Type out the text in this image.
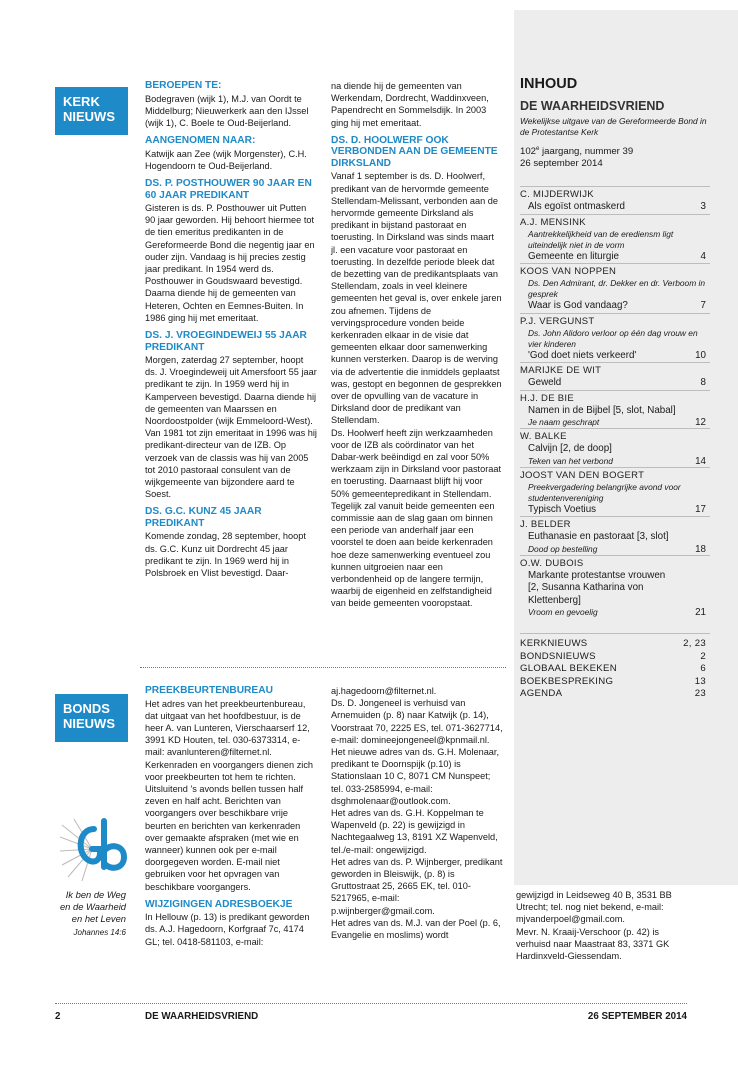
KERK
NIEUWS
BEROEPEN TE:

Bodegraven (wijk 1), M.J. van Oordt te Middelburg; Nieuwerkerk aan den IJssel (wijk 1), C. Boele te Oud-Beijerland.

AANGENOMEN NAAR:

Katwijk aan Zee (wijk Morgenster), C.H. Hogendoorn te Oud-Beijerland.

DS. P. POSTHOUWER 90 JAAR EN 60 JAAR PREDIKANT

Gisteren is ds. P. Posthouwer uit Putten 90 jaar geworden. Hij behoort hiermee tot de tien emeritus predikanten in de Gereformeerde Bond die negentig jaar en ouder zijn. Vandaag is hij precies zestig jaar predikant. In 1954 werd ds. Posthouwer in Goudswaard bevestigd. Daarna diende hij de gemeenten van Heteren, Ochten en Eemnes-Buiten. In 1986 ging hij met emeritaat.

DS. J. VROEGINDEWEIJ 55 JAAR PREDIKANT

Morgen, zaterdag 27 september, hoopt ds. J. Vroegindeweij uit Amersfoort 55 jaar predikant te zijn. In 1959 werd hij in Kamperveen bevestigd. Daarna diende hij de gemeenten van Maarssen en Noordoostpolder (wijk Emmeloord-West). Van 1981 tot zijn emeritaat in 1996 was hij predikant-directeur van de IZB. Op verzoek van de classis was hij van 2005 tot 2010 pastoraal consulent van de wijkgemeente van bijzondere aard te Soest.

DS. G.C. KUNZ 45 JAAR PREDIKANT

Komende zondag, 28 september, hoopt ds. G.C. Kunz uit Dordrecht 45 jaar predikant te zijn. In 1969 werd hij in Polsbroek en Vlist bevestigd. Daar-

na diende hij de gemeenten van Werkendam, Dordrecht, Waddinxveen, Papendrecht en Sommelsdijk. In 2003 ging hij met emeritaat.

DS. D. HOOLWERF OOK VERBONDEN AAN DE GEMEENTE DIRKSLAND

Vanaf 1 september is ds. D. Hoolwerf, predikant van de hervormde gemeente Stellendam-Melissant, verbonden aan de hervormde gemeente Dirksland als predikant in bijstand pastoraat en toerusting. In Dirksland was sinds maart jl. een vacature voor pastoraat en toerusting. In dezelfde periode bleek dat de bezetting van de predikantsplaats van Stellendam, zoals in veel kleinere gemeenten het geval is, over enkele jaren zou afnemen. Tijdens de vervingsprocedure vonden beide kerkenraden elkaar in de visie dat gemeenten elkaar door samenwerking kunnen versterken. Daarop is de werving via de advertentie die inmiddels geplaatst was, gestopt en begonnen de gesprekken over de opvulling van de vacature in Dirksland door de predikant van Stellendam.

Ds. Hoolwerf heeft zijn werkzaamheden voor de IZB als coördinator van het Dabar-werk beëindigd en zal voor 50% werkzaam zijn in Dirksland voor pastoraat en toerusting. Daarnaast blijft hij voor 50% gemeentepredikant in Stellendam. Tegelijk zal vanuit beide gemeenten een commissie aan de slag gaan om binnen een periode van anderhalf jaar een voorstel te doen aan beide kerkenraden hoe deze samenwerking eventueel zou kunnen uitgroeien naar een verbondenheid op de langere termijn, waarbij de eigenheid en zelfstandigheid van beide gemeenten vooropstaat.

INHOUD
DE WAARHEIDSVRIEND
Wekelijkse uitgave van de Gereformeerde Bond in de Protestantse Kerk
102e jaargang, nummer 39
26 september 2014
C. MIJDERWIJK
Als egoïst ontmaskerd	3
A.J. MENSINK
Aantrekkelijkheid van de erediensт ligt uiteindelijk niet in de vorm
Gemeente en liturgie	4
KOOS VAN NOPPEN
Ds. Den Admirant, dr. Dekker en dr. Verboom in gesprek
Waar is God vandaag?	7
P.J. VERGUNST
Ds. John Alidoro verloor op één dag vrouw en vier kinderen
'God doet niets verkeerd'	10
MARIJKE DE WIT
Geweld	8
H.J. DE BIE
Namen in de Bijbel [5, slot, Nabal]
Je naam geschrapt	12
W. BALKE
Calvijn [2, de doop]
Teken van het verbond	14
JOOST VAN DEN BOGERT
Preekvergadering belangrijke avond voor studentenvereniging
Typisch Voetius	17
J. BELDER
Euthanasie en pastoraat [3, slot]
Dood op bestelling	18
O.W. DUBOIS
Markante protestantse vrouwen [2, Susanna Katharina von Klettenberg]
Vroom en gevoelig	21
KERKNIEUWS	2, 23
BONDSNIEUWS	2
GLOBAAL BEKEKEN	6
BOEKBESPREKING	13
AGENDA	23

gewijzigd in Leidseweg 40 B, 3531 BB Utrecht; tel. nog niet bekend, e-mail: mjvanderpoel@gmail.com.

Mevr. N. Kraaij-Verschoor (p. 42) is verhuisd naar Maastraat 83, 3371 GK Hardinxveld-Giessendam.

BONDS
NIEUWS
Ik ben de Weg
en de Waarheid
en het Leven
Johannes 14:6
PREEKBEURTENBUREAU

Het adres van het preekbeurtenbureau, dat uitgaat van het hoofdbestuur, is de heer A. van Lunteren, Vierschaarserf 12, 3991 KD Houten, tel. 030-6373314, e-mail: avanlunteren@filternet.nl. Kerkenraden en voorgangers dienen zich voor preekbeurten tot hem te richten. Uitsluitend 's avonds bellen tussen half zeven en half acht. Berichten van voorgangers over beschikbare vrije beurten en berichten van kerkenraden over gemaakte afspraken (met wie en wanneer) kunnen ook per e-mail doorgegeven worden. E-mail niet gebruiken voor het opvragen van beschikbare voorgangers.

WIJZIGINGEN ADRESBOEKJE

In Hellouw (p. 13) is predikant geworden ds. A.J. Hagedoorn, Korfgraaf 7c, 4174 GL; tel. 0418-581103, e-mail:

aj.hagedoorn@filternet.nl.

Ds. D. Jongeneel is verhuisd van Arnemuiden (p. 8) naar Katwijk (p. 14), Voorstraat 70, 2225 ES, tel. 071-3627714, e-mail: domineejongeneel@kpnmail.nl.

Het nieuwe adres van ds. G.H. Molenaar, predikant te Doornspijk (p.10) is Stationslaan 10 C, 8071 CM Nunspeet; tel. 033-2585994, e-mail: dsghmolenaar@outlook.com.

Het adres van ds. G.H. Koppelman te Wapenveld (p. 22) is gewijzigd in Nachtegaalweg 13, 8191 XZ Wapenveld, tel./e-mail: ongewijzigd.

Het adres van ds. P. Wijnberger, predikant geworden in Bleiswijk, (p. 8) is Gruttostraat 25, 2665 EK, tel. 010-5217965, e-mail: p.wijnberger@gmail.com.

Het adres van ds. M.J. van der Poel (p. 6, Evangelie en moslims) wordt

2	DE WAARHEIDSVRIEND	26 SEPTEMBER 2014
